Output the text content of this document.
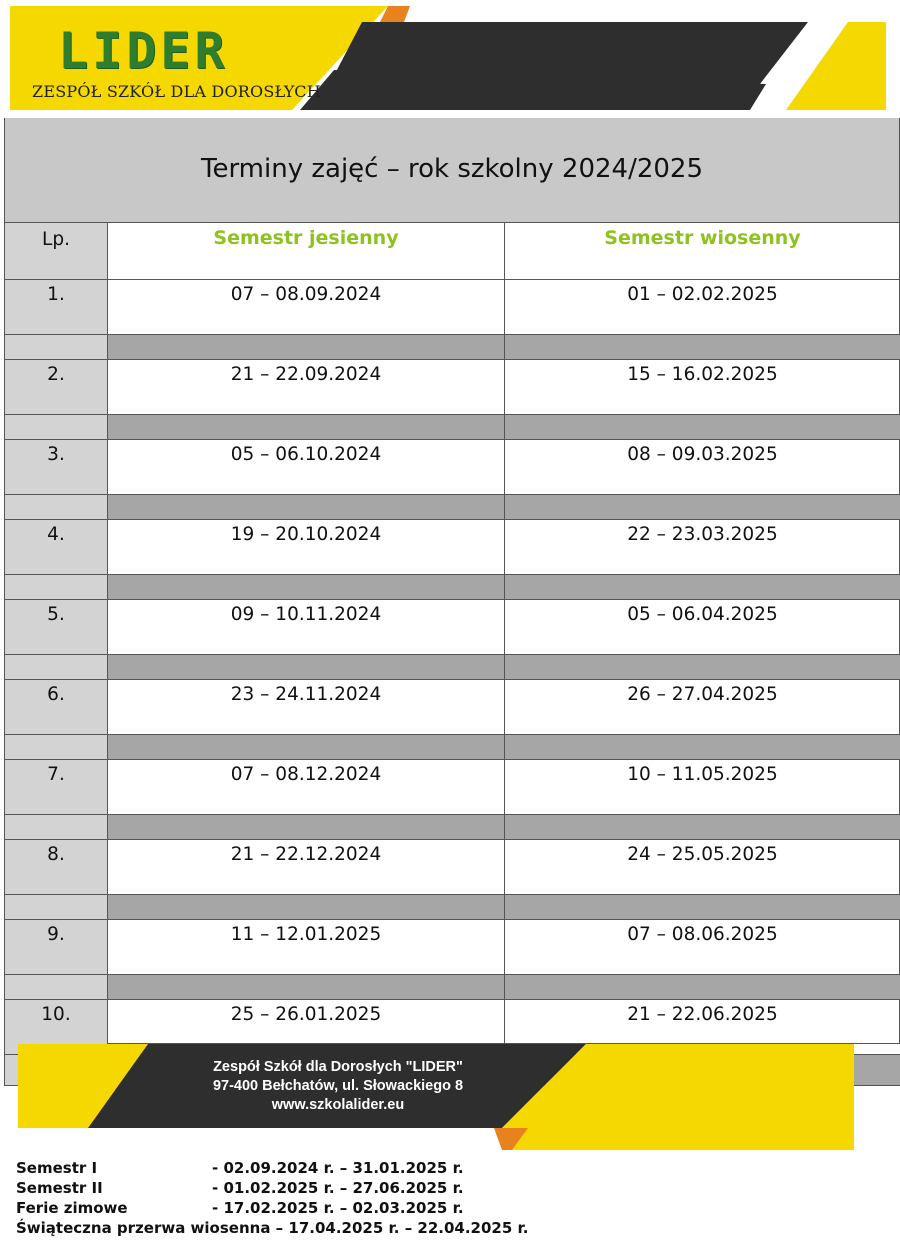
LIDER
ZESPÓŁ SZKÓŁ DLA DOROSŁYCH
Terminy zajęć – rok szkolny 2024/2025
Lp.	Semestr jesienny	Semestr wiosenny
1.	07 – 08.09.2024	01 – 02.02.2025

2.	21 – 22.09.2024	15 – 16.02.2025

3.	05 – 06.10.2024	08 – 09.03.2025

4.	19 – 20.10.2024	22 – 23.03.2025

5.	09 – 10.11.2024	05 – 06.04.2025

6.	23 – 24.11.2024	26 – 27.04.2025

7.	07 – 08.12.2024	10 – 11.05.2025

8.	21 – 22.12.2024	24 – 25.05.2025

9.	11 – 12.01.2025	07 – 08.06.2025

10.	25 – 26.01.2025	21 – 22.06.2025

Zespół Szkół dla Dorosłych "LIDER"
97-400 Bełchatów, ul. Słowackiego 8
www.szkolalider.eu
Semestr I	- 02.09.2024 r. – 31.01.2025 r.
Semestr II	- 01.02.2025 r. – 27.06.2025 r.
Ferie zimowe	- 17.02.2025 r. – 02.03.2025 r.
Świąteczna przerwa wiosenna – 17.04.2025 r. – 22.04.2025 r.
